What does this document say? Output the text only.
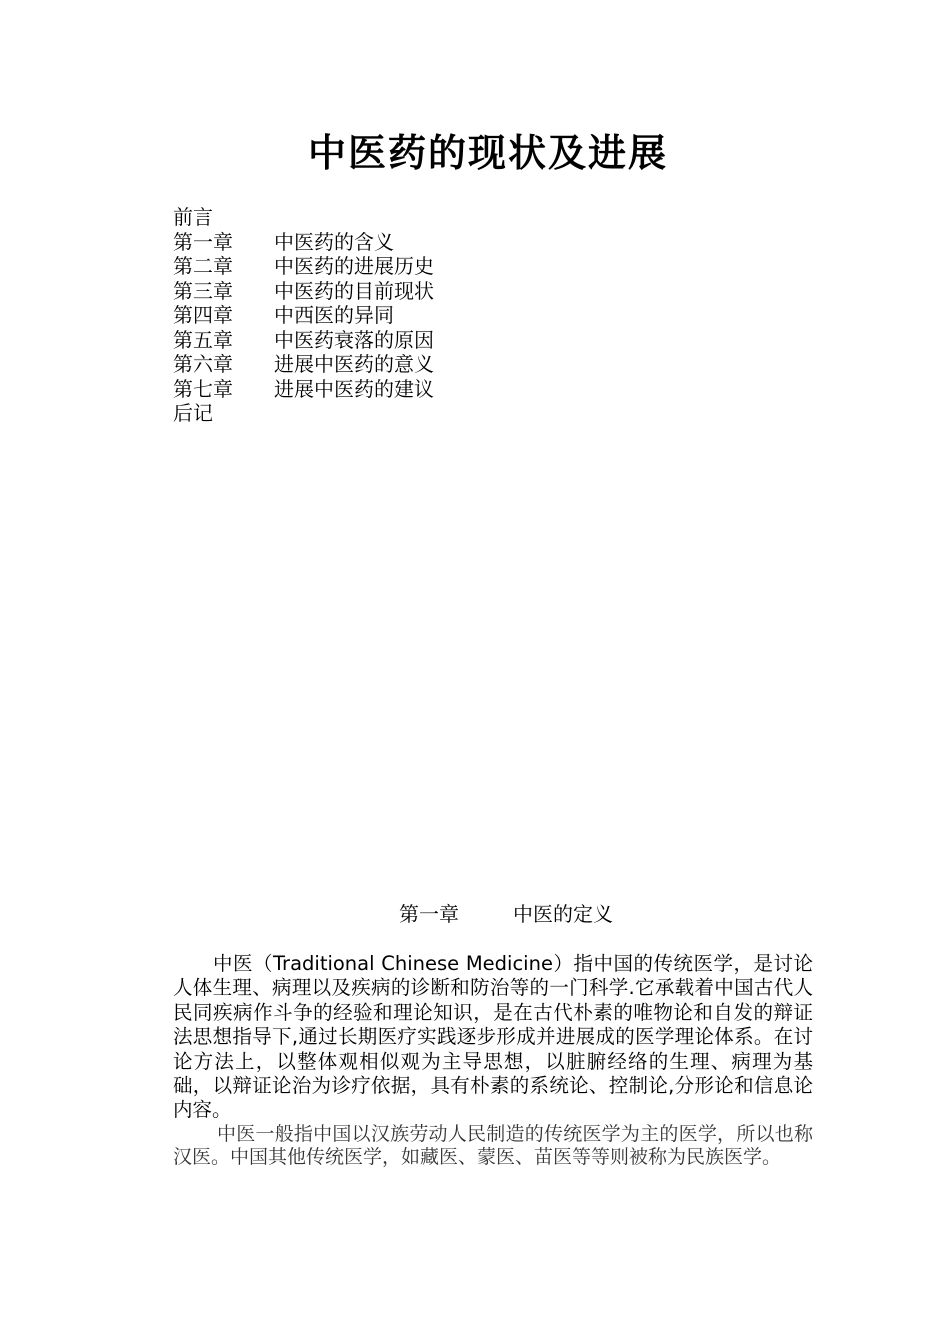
中医药的现状及进展
前言
第一章	中医药的含义
第二章	中医药的进展历史
第三章	中医药的目前现状
第四章	中西医的异同
第五章	中医药衰落的原因
第六章	进展中医药的意义
第七章	进展中医药的建议
后记
第一章	中医的定义

中医（Traditional Chinese Medicine）指中国的传统医学，是讨论人体生理、病理以及疾病的诊断和防治等的一门科学.它承载着中国古代人民同疾病作斗争的经验和理论知识，是在古代朴素的唯物论和自发的辩证法思想指导下,通过长期医疗实践逐步形成并进展成的医学理论体系。在讨论方法上，以整体观相似观为主导思想，以脏腑经络的生理、病理为基础，以辩证论治为诊疗依据，具有朴素的系统论、控制论,分形论和信息论内容。

中医一般指中国以汉族劳动人民制造的传统医学为主的医学，所以也称汉医。中国其他传统医学，如藏医、蒙医、苗医等等则被称为民族医学。
